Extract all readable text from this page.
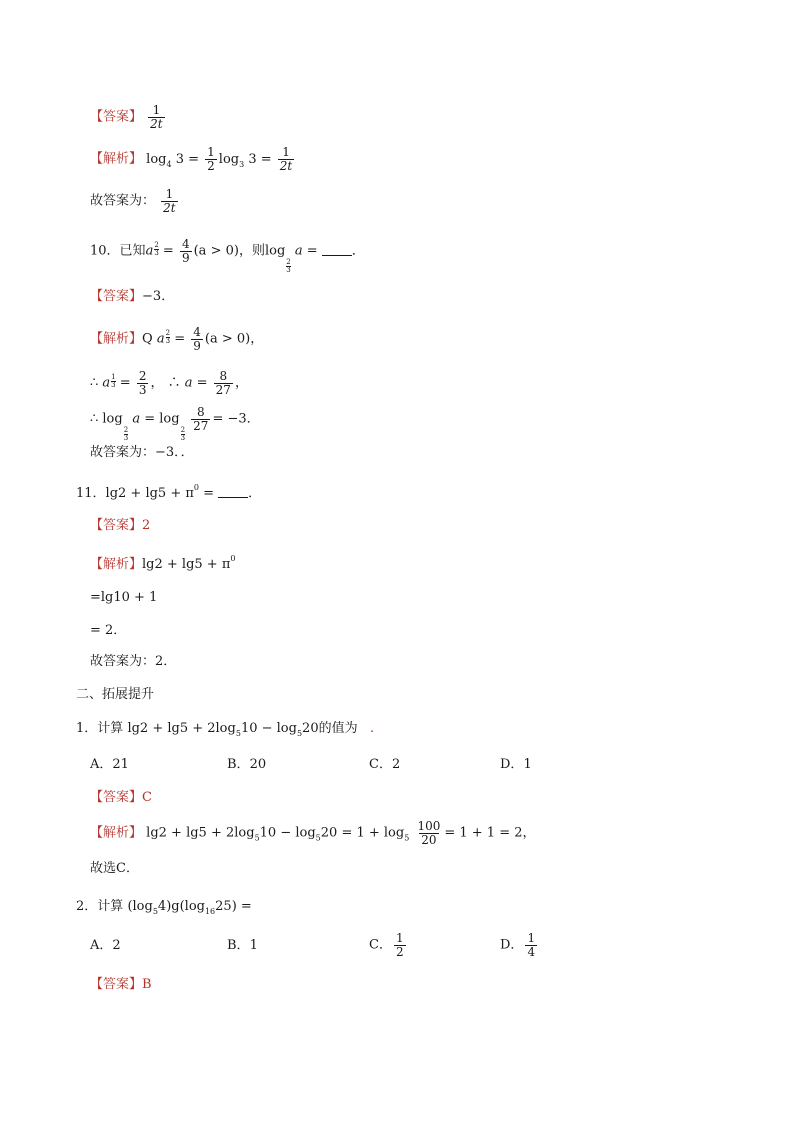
【答案】 $\frac{1}{2t}$
【解析】 $\log_4 3 = \frac{1}{2} \log_3 3 = \frac{1}{2t}$
故答案为： $\frac{1}{2t}$
10．已知a $\frac{2}{3} = \frac{4}{9} (a > 0)$，则log
$\frac{2}{3}$
a = ．
【答案】−3．
【解析】Q a $\frac{2}{3} = \frac{4}{9} (a > 0)$，
∴ a $\frac{1}{3} = \frac{2}{3}$ ， ∴ $a = \frac{8}{27}$ ，
∴ log
$\frac{2}{3}$
a = log
$\frac{2}{3}$

$\frac{8}{27} = -3$．
故答案为：−3．．
11．$\lg 2 + \lg 5 + \pi^0$ = ．
【答案】2
【解析】$\lg 2 + \lg 5 + \pi^0$
=lg10 + 1
= 2．
故答案为：2．
二、拓展提升
1．计算 $\lg 2 + \lg 5 + 2\log_510 - \log_520$的值为   .
A．21	B．20	C．2	D．1
【答案】C
【解析】 $\lg 2 + \lg 5 + 2\log_510 - \log_520 = 1 + \log_5 \frac{100}{20} = 1 + 1 = 2$，
故选C．
2．计算 $(\log_54)g(\log_{16}25)$ =
A．2	B．1	C． $\frac{1}{2}$	D． $\frac{1}{4}$
【答案】B
